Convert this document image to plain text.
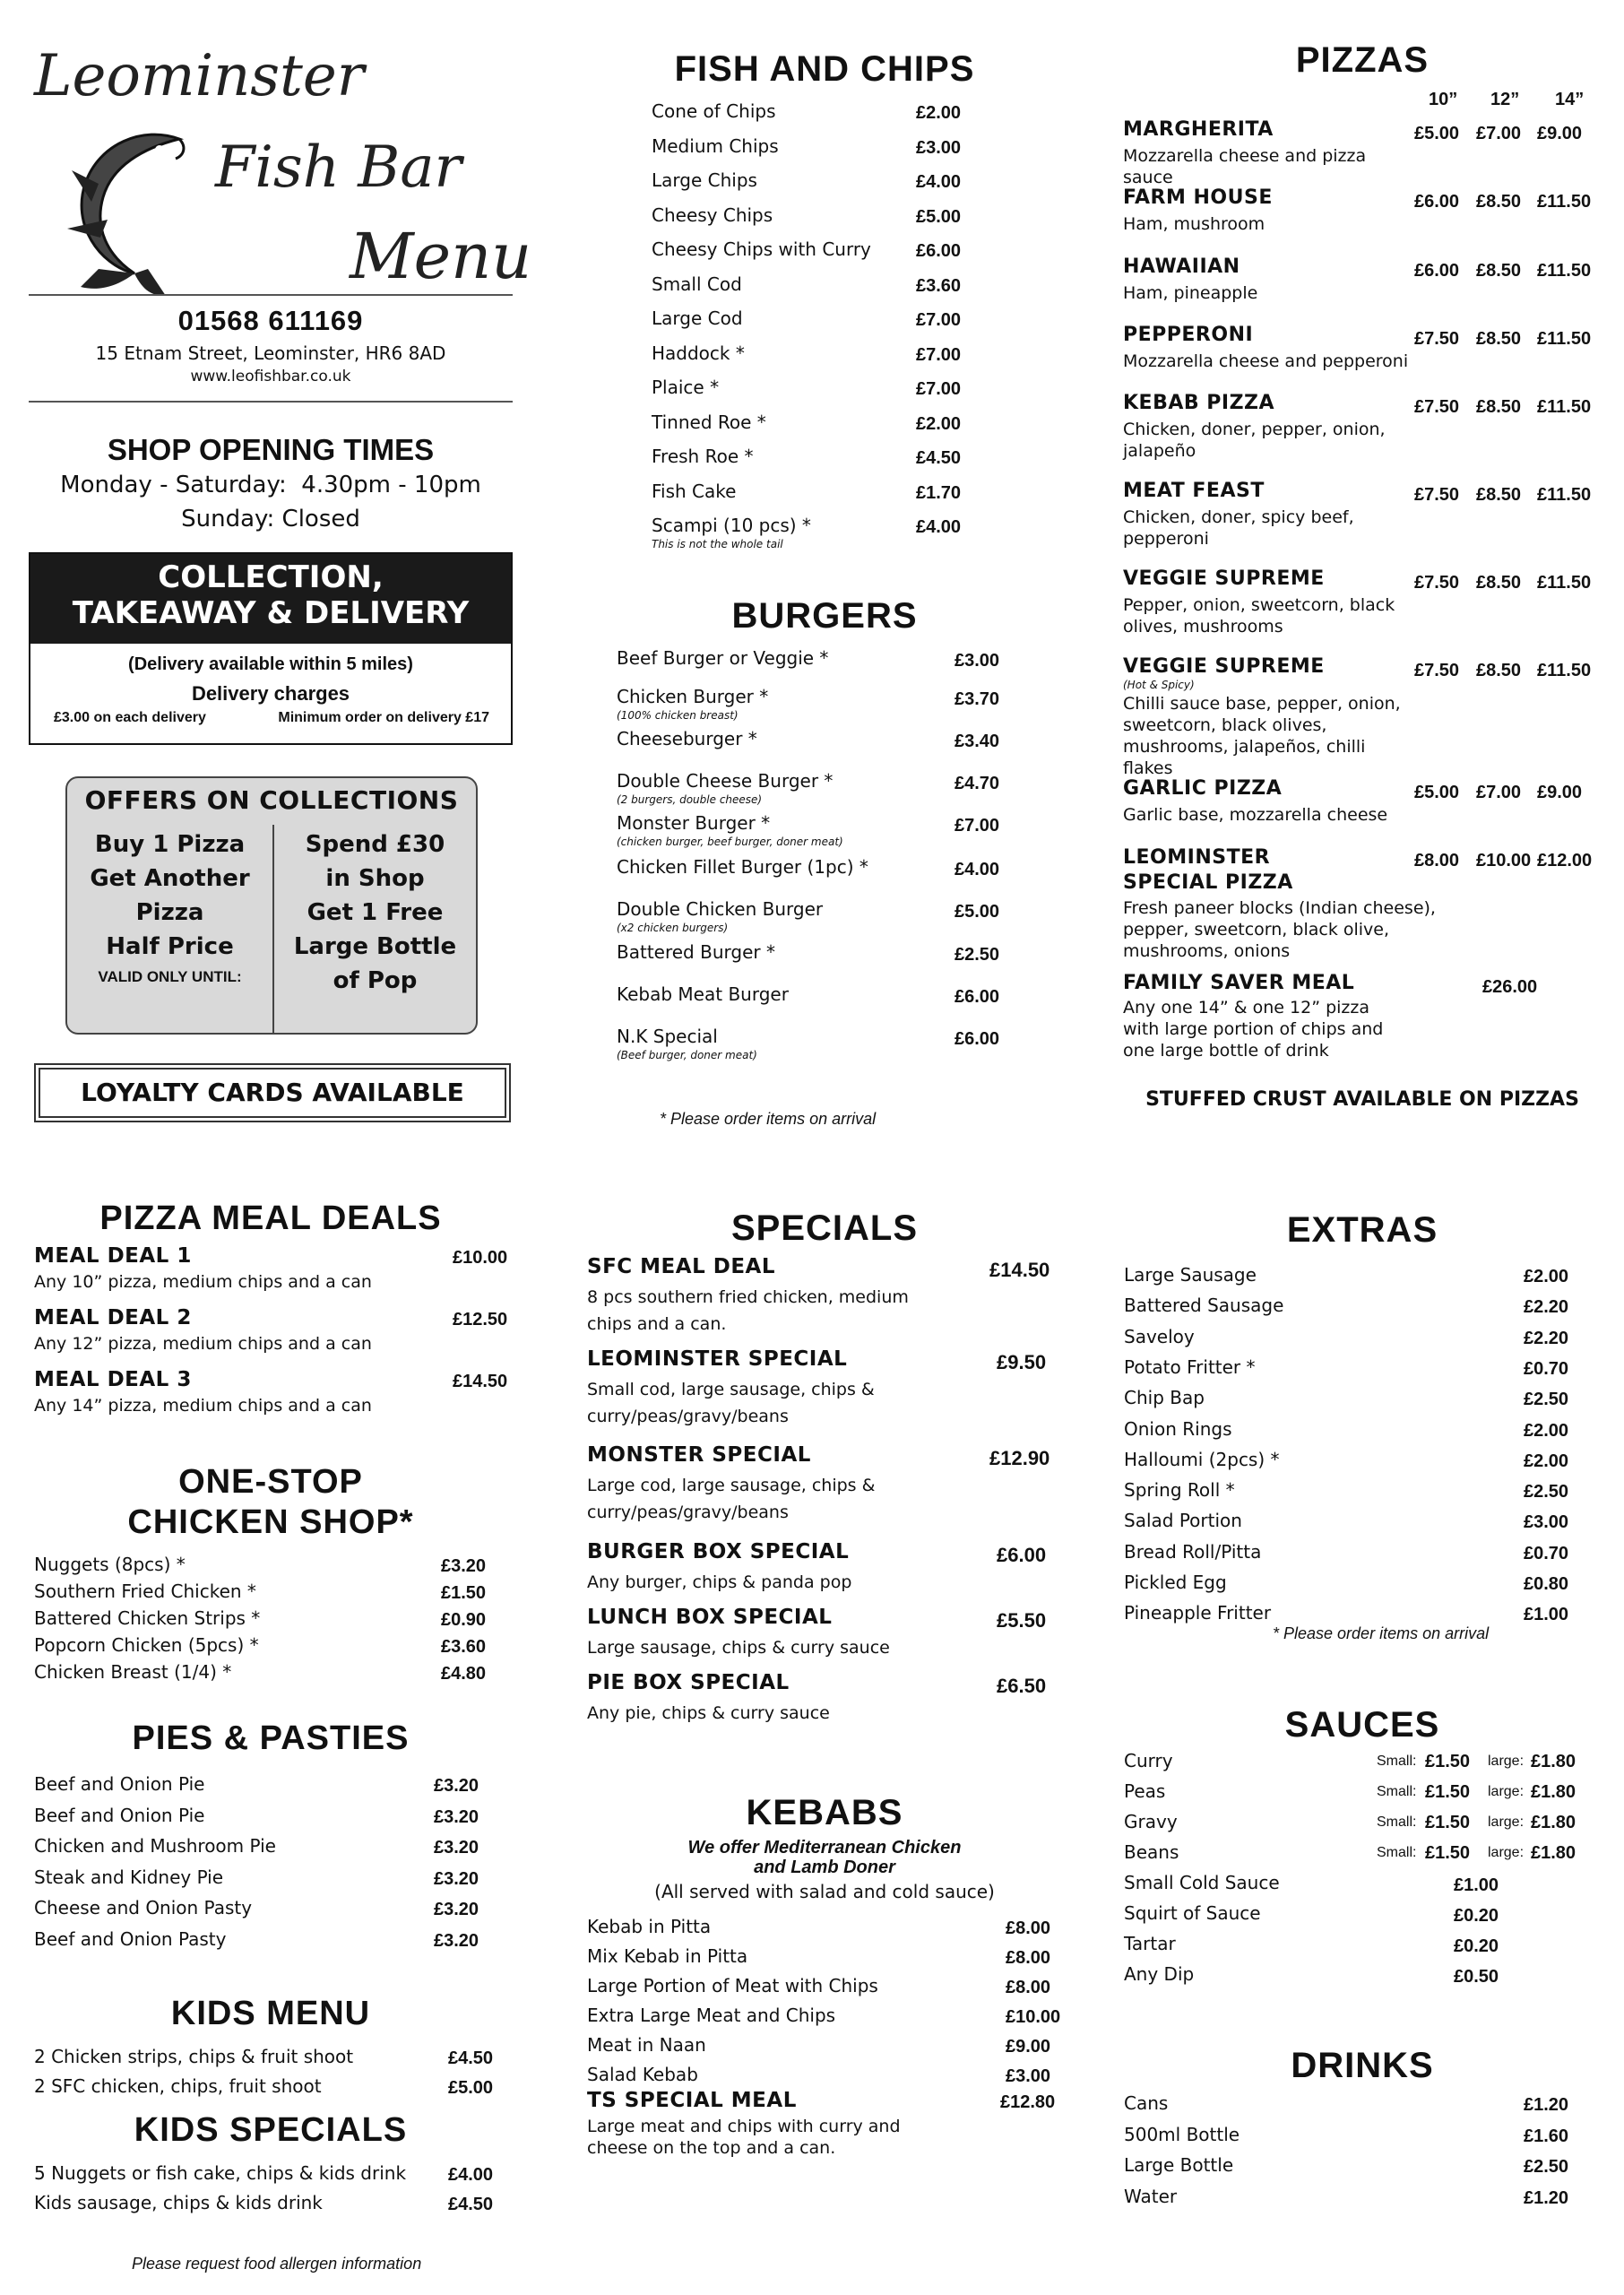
Leominster
Fish Bar
Menu
01568 611169
15 Etnam Street, Leominster, HR6 8AD
www.leofishbar.co.uk
SHOP OPENING TIMES
Monday - Saturday:  4.30pm - 10pm
Sunday: Closed
COLLECTION,
TAKEAWAY & DELIVERY
(Delivery available within 5 miles)
Delivery charges
£3.00 on each delivery	Minimum order on delivery £17
OFFERS ON COLLECTIONS
Buy 1 Pizza
Get Another
Pizza
Half Price
VALID ONLY UNTIL:
Spend £30
in Shop
Get 1 Free
Large Bottle
of Pop
LOYALTY CARDS AVAILABLE
FISH AND CHIPS
Cone of Chips	£2.00
Medium Chips	£3.00
Large Chips	£4.00
Cheesy Chips	£5.00
Cheesy Chips with Curry	£6.00
Small Cod	£3.60
Large Cod	£7.00
Haddock *	£7.00
Plaice *	£7.00
Tinned Roe *	£2.00
Fresh Roe *	£4.50
Fish Cake	£1.70
Scampi (10 pcs) *	£4.00
This is not the whole tail
BURGERS
Beef Burger or Veggie *	£3.00
Chicken Burger *	£3.70
(100% chicken breast)
Cheeseburger *	£3.40
Double Cheese Burger *	£4.70
(2 burgers, double cheese)
Monster Burger *	£7.00
(chicken burger, beef burger, doner meat)
Chicken Fillet Burger (1pc) *	£4.00
Double Chicken Burger	£5.00
(x2 chicken burgers)
Battered Burger *	£2.50
Kebab Meat Burger	£6.00
N.K Special	£6.00
(Beef burger, doner meat)
* Please order items on arrival
PIZZAS
10” 12” 14”
MARGHERITA	£5.00 £7.00 £9.00
Mozzarella cheese and pizza sauce
FARM HOUSE	£6.00 £8.50 £11.50
Ham, mushroom
HAWAIIAN	£6.00 £8.50 £11.50
Ham, pineapple
PEPPERONI	£7.50 £8.50 £11.50
Mozzarella cheese and pepperoni
KEBAB PIZZA	£7.50 £8.50 £11.50
Chicken, doner, pepper, onion, jalapeño
MEAT FEAST	£7.50 £8.50 £11.50
Chicken, doner, spicy beef, pepperoni
VEGGIE SUPREME	£7.50 £8.50 £11.50
Pepper, onion, sweetcorn, black olives, mushrooms
VEGGIE SUPREME	£7.50 £8.50 £11.50
(Hot & Spicy)
Chilli sauce base, pepper, onion, sweetcorn, black olives, mushrooms, jalapeños, chilli flakes
GARLIC PIZZA	£5.00 £7.00 £9.00
Garlic base, mozzarella cheese
LEOMINSTER SPECIAL PIZZA
£8.00 £10.00 £12.00
Fresh paneer blocks (Indian cheese), pepper, sweetcorn, black olive, mushrooms, onions
FAMILY SAVER MEAL	£26.00
Any one 14” & one 12” pizza with large portion of chips and one large bottle of drink
STUFFED CRUST AVAILABLE ON PIZZAS
PIZZA MEAL DEALS
MEAL DEAL 1	£10.00
Any 10” pizza, medium chips and a can
MEAL DEAL 2	£12.50
Any 12” pizza, medium chips and a can
MEAL DEAL 3	£14.50
Any 14” pizza, medium chips and a can
ONE-STOP
CHICKEN SHOP*
Nuggets (8pcs) *	£3.20
Southern Fried Chicken *	£1.50
Battered Chicken Strips *	£0.90
Popcorn Chicken (5pcs) *	£3.60
Chicken Breast (1/4) *	£4.80
PIES & PASTIES
Beef and Onion Pie	£3.20
Beef and Onion Pie	£3.20
Chicken and Mushroom Pie	£3.20
Steak and Kidney Pie	£3.20
Cheese and Onion Pasty	£3.20
Beef and Onion Pasty	£3.20
KIDS MENU
2 Chicken strips, chips & fruit shoot	£4.50
2 SFC chicken, chips, fruit shoot	£5.00
KIDS SPECIALS
5 Nuggets or fish cake, chips & kids drink £4.00
Kids sausage, chips & kids drink	£4.50
Please request food allergen information
SPECIALS
SFC MEAL DEAL	£14.50
8 pcs southern fried chicken, medium chips and a can.
LEOMINSTER SPECIAL	£9.50
Small cod, large sausage, chips & curry/peas/gravy/beans
MONSTER SPECIAL	£12.90
Large cod, large sausage, chips & curry/peas/gravy/beans
BURGER BOX SPECIAL	£6.00
Any burger, chips & panda pop
LUNCH BOX SPECIAL	£5.50
Large sausage, chips & curry sauce
PIE BOX SPECIAL	£6.50
Any pie, chips & curry sauce
KEBABS
We offer Mediterranean Chicken
and Lamb Doner
(All served with salad and cold sauce)
Kebab in Pitta	£8.00
Mix Kebab in Pitta	£8.00
Large Portion of Meat with Chips	£8.00
Extra Large Meat and Chips	£10.00
Meat in Naan	£9.00
Salad Kebab	£3.00
TS SPECIAL MEAL	£12.80
Large meat and chips with curry and cheese on the top and a can.
EXTRAS
Large Sausage	£2.00
Battered Sausage	£2.20
Saveloy	£2.20
Potato Fritter *	£0.70
Chip Bap	£2.50
Onion Rings	£2.00
Halloumi (2pcs) *	£2.00
Spring Roll *	£2.50
Salad Portion	£3.00
Bread Roll/Pitta	£0.70
Pickled Egg	£0.80
Pineapple Fritter	£1.00
* Please order items on arrival
SAUCES
Curry	Small: £1.50 large: £1.80
Peas	Small: £1.50 large: £1.80
Gravy	Small: £1.50 large: £1.80
Beans	Small: £1.50 large: £1.80
Small Cold Sauce	£1.00
Squirt of Sauce	£0.20
Tartar	£0.20
Any Dip	£0.50
DRINKS
Cans	£1.20
500ml Bottle	£1.60
Large Bottle	£2.50
Water	£1.20
